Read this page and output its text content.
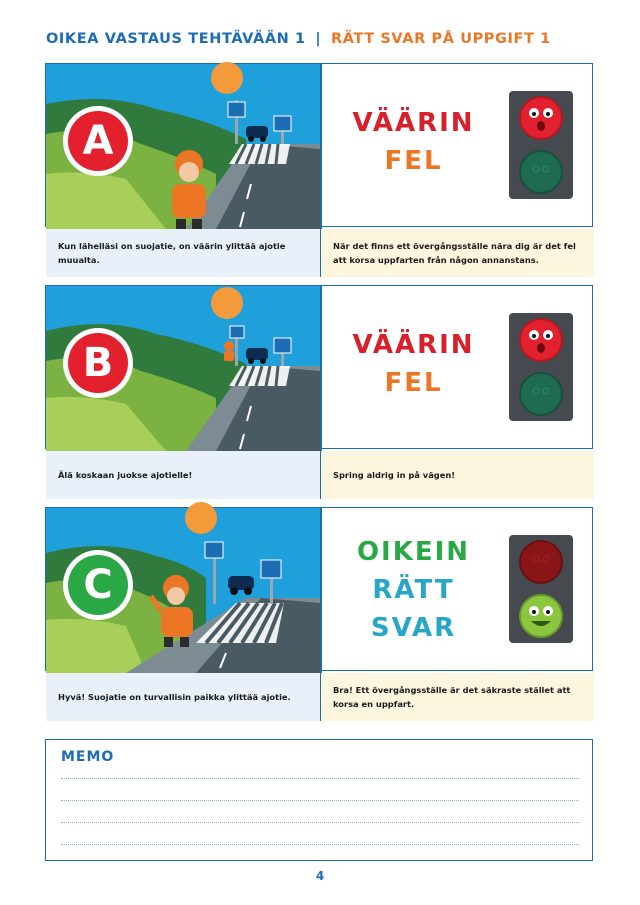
OIKEA VASTAUS TEHTÄVÄÄN 1 | RÄTT SVAR PÅ UPPGIFT 1
A	VÄÄRIN
FEL
Kun lähelläsi on suojatie, on väärin ylittää ajotie muualta.
När det finns ett övergångsställe nära dig är det fel att korsa uppfarten från någon annanstans.
B	VÄÄRIN
FEL
Älä koskaan juokse ajotielle!	Spring aldrig in på vägen!
C
OIKEIN
RÄTT
SVAR
Hyvä! Suojatie on turvallisin paikka ylittää ajotie.
Bra! Ett övergångsställe är det säkraste stället att korsa en uppfart.
MEMO
4
